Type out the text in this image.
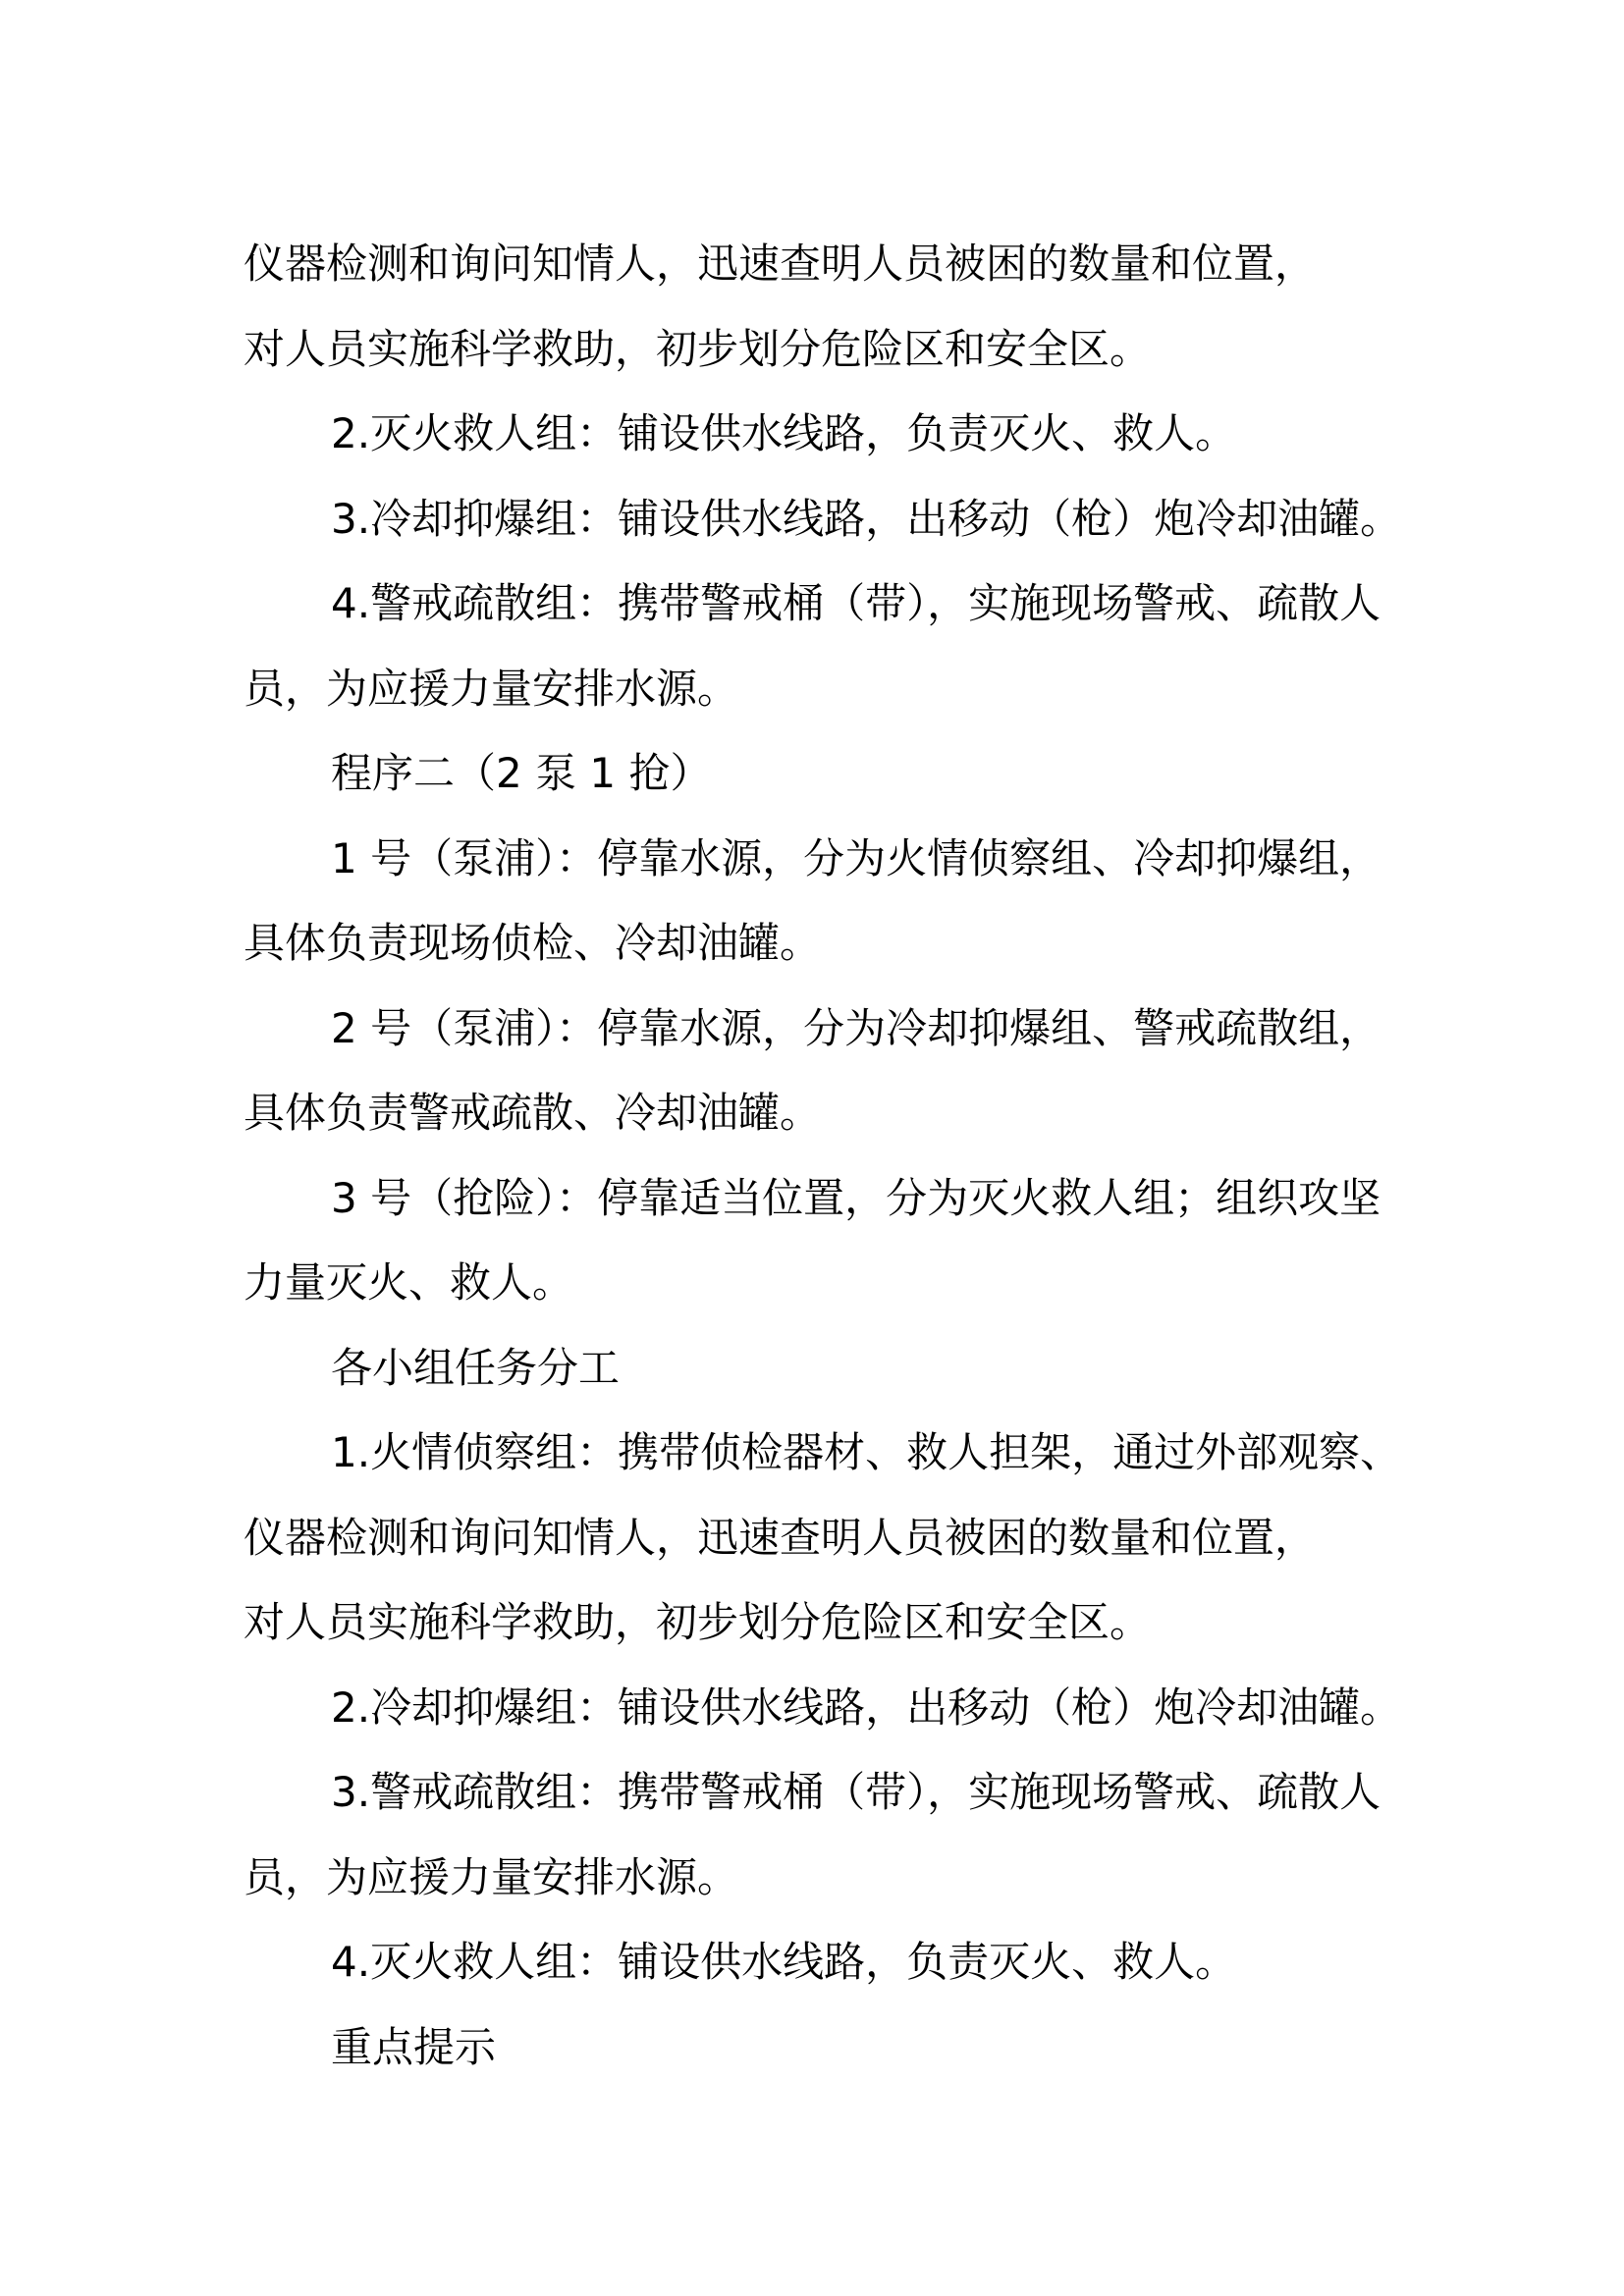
仪器检测和询问知情人，迅速查明人员被困的数量和位置，
对人员实施科学救助，初步划分危险区和安全区。
2.灭火救人组：铺设供水线路，负责灭火、救人。
3.冷却抑爆组：铺设供水线路，出移动（枪）炮冷却油罐。
4.警戒疏散组：携带警戒桶（带），实施现场警戒、疏散人
员，为应援力量安排水源。
程序二（2 泵 1 抢）
1 号（泵浦）：停靠水源，分为火情侦察组、冷却抑爆组，
具体负责现场侦检、冷却油罐。
2 号（泵浦）：停靠水源，分为冷却抑爆组、警戒疏散组，
具体负责警戒疏散、冷却油罐。
3 号（抢险）：停靠适当位置，分为灭火救人组；组织攻坚
力量灭火、救人。
各小组任务分工
1.火情侦察组：携带侦检器材、救人担架，通过外部观察、
仪器检测和询问知情人，迅速查明人员被困的数量和位置，
对人员实施科学救助，初步划分危险区和安全区。
2.冷却抑爆组：铺设供水线路，出移动（枪）炮冷却油罐。
3.警戒疏散组：携带警戒桶（带），实施现场警戒、疏散人
员，为应援力量安排水源。
4.灭火救人组：铺设供水线路，负责灭火、救人。
重点提示
